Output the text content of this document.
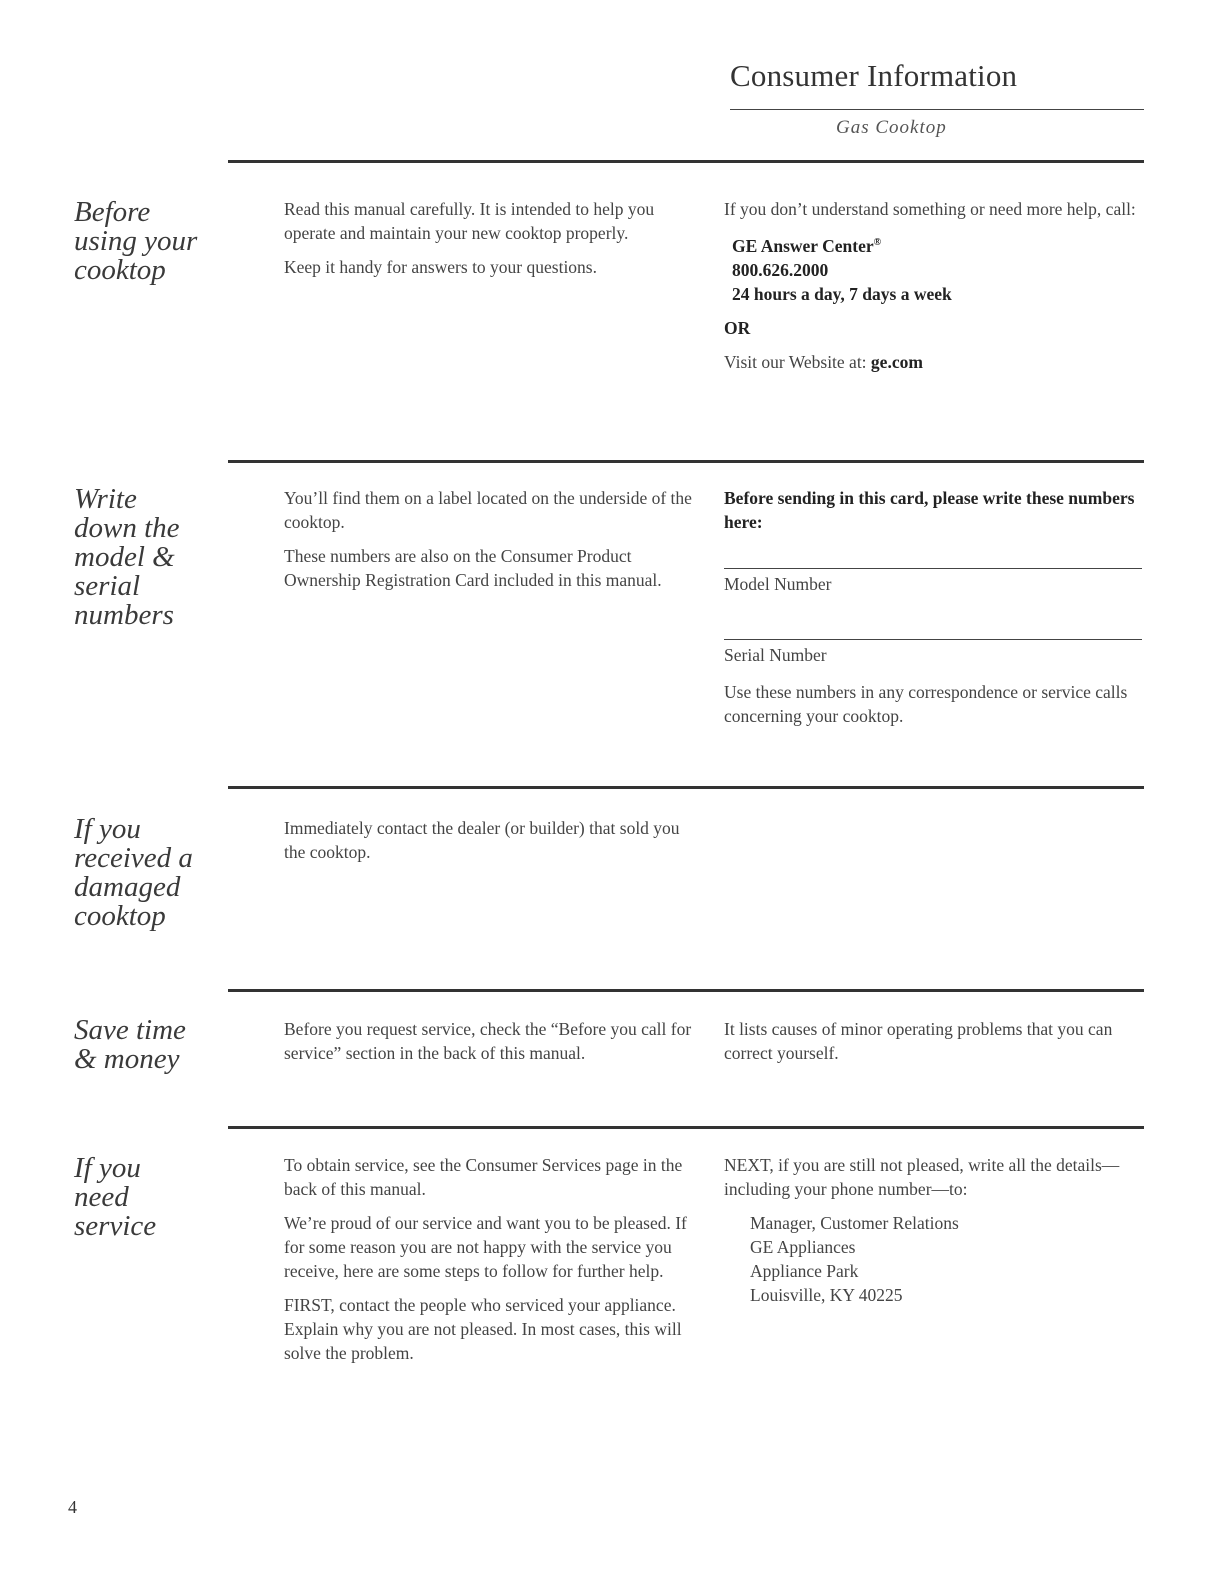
Consumer Information
Gas Cooktop
Before
using your
cooktop

Read this manual carefully. It is intended to help you operate and maintain your new cooktop properly.

Keep it handy for answers to your questions.

If you don’t understand something or need more help, call:

GE Answer Center®
800.626.2000
24 hours a day, 7 days a week
OR
Visit our Website at: ge.com
Write
down the
model &
serial
numbers

You’ll find them on a label located on the underside of the cooktop.

These numbers are also on the Consumer Product Ownership Registration Card included in this manual.

Before sending in this card, please write these numbers here:
Model Number
Serial Number
Use these numbers in any correspondence or service calls concerning your cooktop.
If you
received a
damaged
cooktop

Immediately contact the dealer (or builder) that sold you the cooktop.

Save time
& money

Before you request service, check the “Before you call for service” section in the back of this manual.

It lists causes of minor operating problems that you can correct yourself.
If you
need
service

To obtain service, see the Consumer Services page in the back of this manual.

We’re proud of our service and want you to be pleased. If for some reason you are not happy with the service you receive, here are some steps to follow for further help.

FIRST, contact the people who serviced your appliance. Explain why you are not pleased. In most cases, this will solve the problem.

NEXT, if you are still not pleased, write all the details—including your phone number—to:

Manager, Customer Relations
GE Appliances
Appliance Park
Louisville, KY 40225
4
